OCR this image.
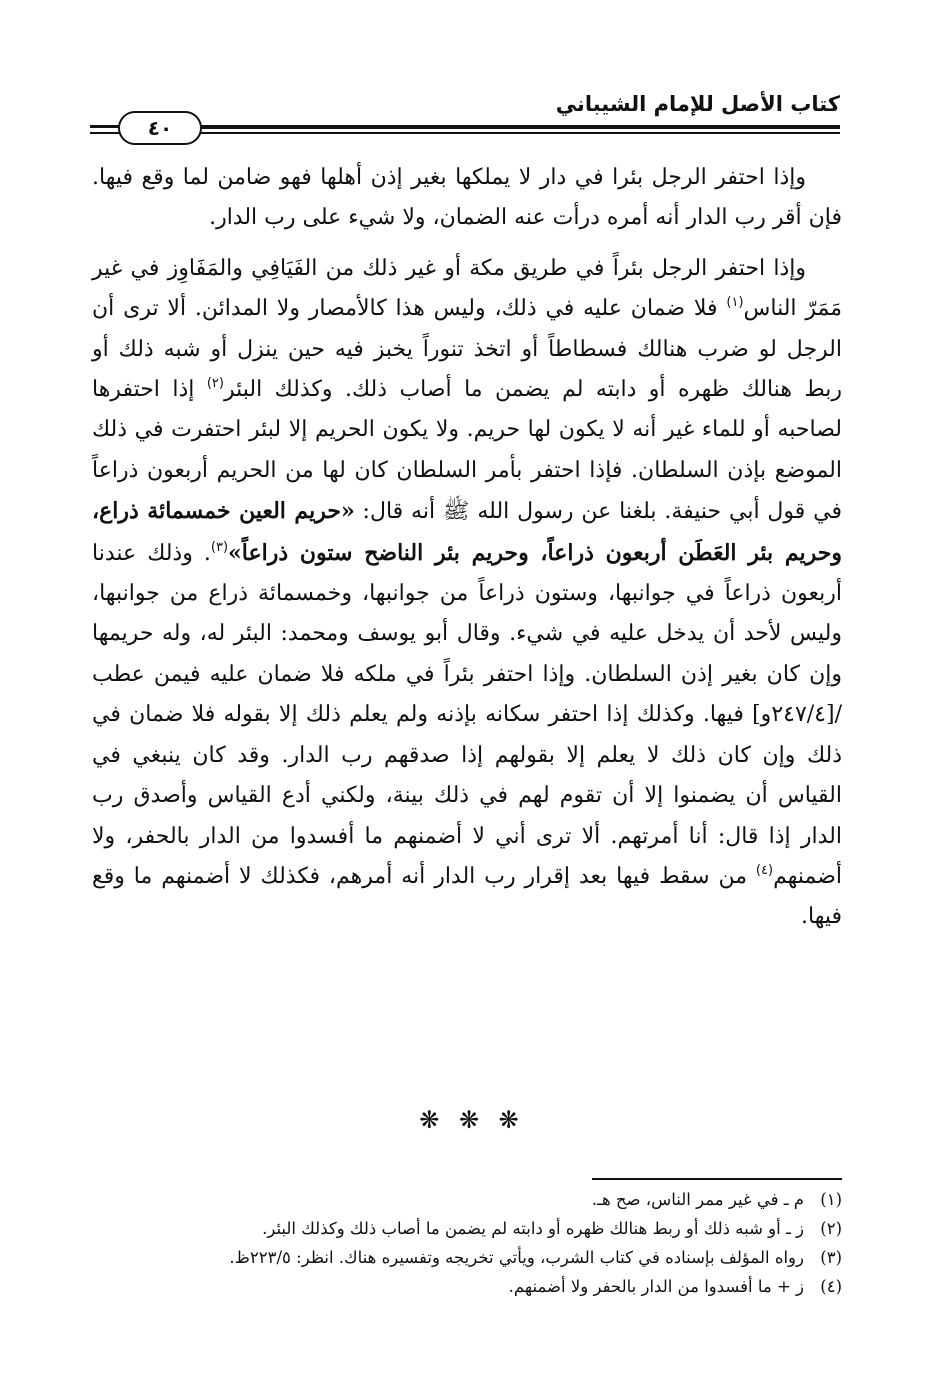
كتاب الأصل للإمام الشيباني
٤٠

وإذا احتفر الرجل بئرا في دار لا يملكها بغير إذن أهلها فهو ضامن لما وقع فيها. فإن أقر رب الدار أنه أمره درأت عنه الضمان، ولا شيء على رب الدار.

وإذا احتفر الرجل بئراً في طريق مكة أو غير ذلك من الفَيَافِي والمَفَاوِز في غير مَمَرّ الناس$^{(١)}$ فلا ضمان عليه في ذلك، وليس هذا كالأمصار ولا المدائن. ألا ترى أن الرجل لو ضرب هنالك فسطاطاً أو اتخذ تنوراً يخبز فيه حين ينزل أو شبه ذلك أو ربط هنالك ظهره أو دابته لم يضمن ما أصاب ذلك. وكذلك البئر$^{(٢)}$ إذا احتفرها لصاحبه أو للماء غير أنه لا يكون لها حريم. ولا يكون الحريم إلا لبئر احتفرت في ذلك الموضع بإذن السلطان. فإذا احتفر بأمر السلطان كان لها من الحريم أربعون ذراعاً في قول أبي حنيفة. بلغنا عن رسول الله ﷺ أنه قال: «حريم العين خمسمائة ذراع، وحريم بئر العَطَن أربعون ذراعاً، وحريم بئر الناضح ستون ذراعاً»$^{(٣)}$. وذلك عندنا أربعون ذراعاً في جوانبها، وستون ذراعاً من جوانبها، وخمسمائة ذراع من جوانبها، وليس لأحد أن يدخل عليه في شيء. وقال أبو يوسف ومحمد: البئر له، وله حريمها وإن كان بغير إذن السلطان. وإذا احتفر بئراً في ملكه فلا ضمان عليه فيمن عطب /[٢٤٧/٤و] فيها. وكذلك إذا احتفر سكانه بإذنه ولم يعلم ذلك إلا بقوله فلا ضمان في ذلك وإن كان ذلك لا يعلم إلا بقولهم إذا صدقهم رب الدار. وقد كان ينبغي في القياس أن يضمنوا إلا أن تقوم لهم في ذلك بينة، ولكني أدع القياس وأصدق رب الدار إذا قال: أنا أمرتهم. ألا ترى أني لا أضمنهم ما أفسدوا من الدار بالحفر، ولا أضمنهم$^{(٤)}$ من سقط فيها بعد إقرار رب الدار أنه أمرهم، فكذلك لا أضمنهم ما وقع فيها.

❋ ❋ ❋
(١)
م ـ في غير ممر الناس، صح هـ.
(٢)
ز ـ أو شبه ذلك أو ربط هنالك ظهره أو دابته لم يضمن ما أصاب ذلك وكذلك البئر.
(٣)
رواه المؤلف بإسناده في كتاب الشرب، ويأتي تخريجه وتفسيره هناك. انظر: ٢٢٣/٥ظ.
(٤)
ز + ما أفسدوا من الدار بالحفر ولا أضمنهم.
